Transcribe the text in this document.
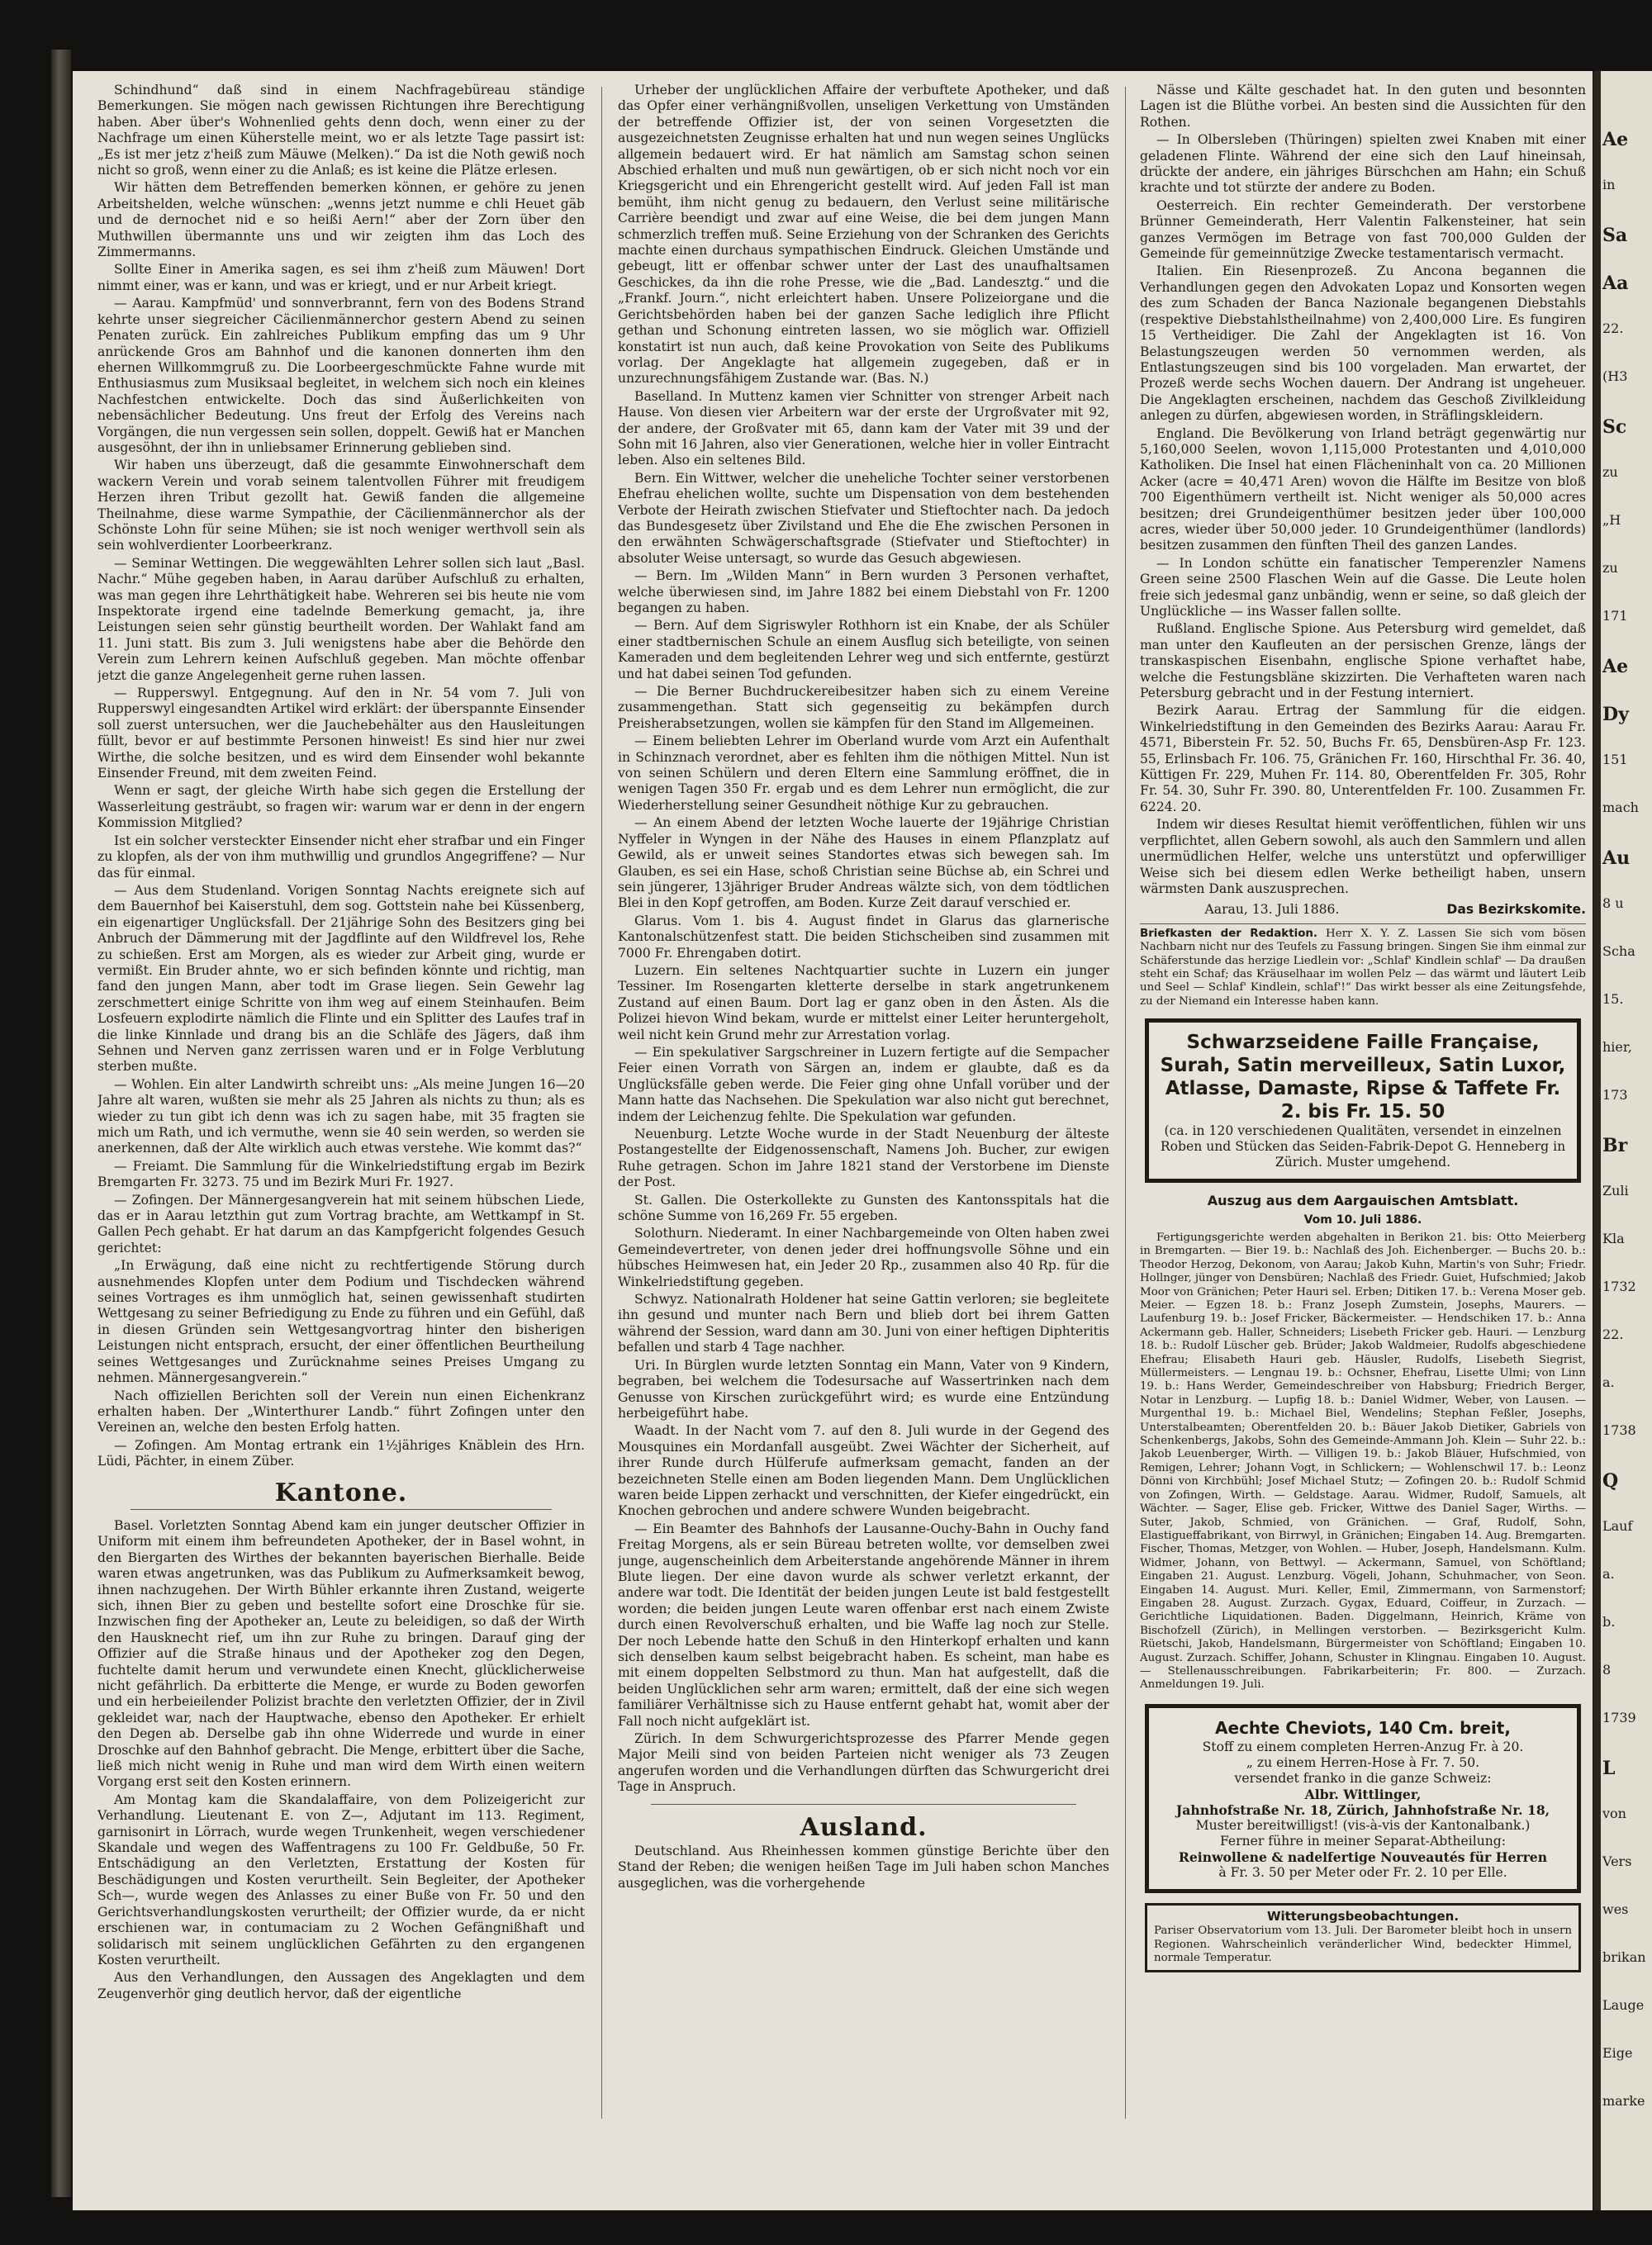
Schindhund“ daß sind in einem Nachfragebüreau ständige Bemerkungen. Sie mögen nach gewissen Richtungen ihre Berechtigung haben. Aber über's Wohnenlied gehts denn doch, wenn einer zu der Nachfrage um einen Küherstelle meint, wo er als letzte Tage passirt ist: „Es ist mer jetz z'heiß zum Mäuwe (Melken).“ Da ist die Noth gewiß noch nicht so groß, wenn einer zu die Anlaß; es ist keine die Plätze erlesen.

Wir hätten dem Betreffenden bemerken können, er gehöre zu jenen Arbeitshelden, welche wünschen: „wenns jetzt numme e chli Heuet gäb und de dernochet nid e so heißi Aern!“ aber der Zorn über den Muthwillen übermannte uns und wir zeigten ihm das Loch des Zimmermanns.

Sollte Einer in Amerika sagen, es sei ihm z'heiß zum Mäuwen! Dort nimmt einer, was er kann, und was er kriegt, und er nur Arbeit kriegt.

— Aarau. Kampfmüd' und sonnverbrannt, fern von des Bodens Strand kehrte unser siegreicher Cäcilienmännerchor gestern Abend zu seinen Penaten zurück. Ein zahlreiches Publikum empfing das um 9 Uhr anrückende Gros am Bahnhof und die kanonen donnerten ihm den ehernen Willkommgruß zu. Die Loorbeergeschmückte Fahne wurde mit Enthusiasmus zum Musiksaal begleitet, in welchem sich noch ein kleines Nachfestchen entwickelte. Doch das sind Äußerlichkeiten von nebensächlicher Bedeutung. Uns freut der Erfolg des Vereins nach Vorgängen, die nun vergessen sein sollen, doppelt. Gewiß hat er Manchen ausgesöhnt, der ihn in unliebsamer Erinnerung geblieben sind.

Wir haben uns überzeugt, daß die gesammte Einwohnerschaft dem wackern Verein und vorab seinem talentvollen Führer mit freudigem Herzen ihren Tribut gezollt hat. Gewiß fanden die allgemeine Theilnahme, diese warme Sympathie, der Cäcilienmännerchor als der Schönste Lohn für seine Mühen; sie ist noch weniger werthvoll sein als sein wohlverdienter Loorbeerkranz.

— Seminar Wettingen. Die weggewählten Lehrer sollen sich laut „Basl. Nachr.“ Mühe gegeben haben, in Aarau darüber Aufschluß zu erhalten, was man gegen ihre Lehrthätigkeit habe. Wehreren sei bis heute nie vom Inspektorate irgend eine tadelnde Bemerkung gemacht, ja, ihre Leistungen seien sehr günstig beurtheilt worden. Der Wahlakt fand am 11. Juni statt. Bis zum 3. Juli wenigstens habe aber die Behörde den Verein zum Lehrern keinen Aufschluß gegeben. Man möchte offenbar jetzt die ganze Angelegenheit gerne ruhen lassen.

— Rupperswyl. Entgegnung. Auf den in Nr. 54 vom 7. Juli von Rupperswyl eingesandten Artikel wird erklärt: der überspannte Einsender soll zuerst untersuchen, wer die Jauchebehälter aus den Hausleitungen füllt, bevor er auf bestimmte Personen hinweist! Es sind hier nur zwei Wirthe, die solche besitzen, und es wird dem Einsender wohl bekannte Einsender Freund, mit dem zweiten Feind.

Wenn er sagt, der gleiche Wirth habe sich gegen die Erstellung der Wasserleitung gesträubt, so fragen wir: warum war er denn in der engern Kommission Mitglied?

Ist ein solcher versteckter Einsender nicht eher strafbar und ein Finger zu klopfen, als der von ihm muthwillig und grundlos Angegriffene? — Nur das für einmal.

— Aus dem Studenland. Vorigen Sonntag Nachts ereignete sich auf dem Bauernhof bei Kaiserstuhl, dem sog. Gottstein nahe bei Küssenberg, ein eigenartiger Unglücksfall. Der 21jährige Sohn des Besitzers ging bei Anbruch der Dämmerung mit der Jagdflinte auf den Wildfrevel los, Rehe zu schießen. Erst am Morgen, als es wieder zur Arbeit ging, wurde er vermißt. Ein Bruder ahnte, wo er sich befinden könnte und richtig, man fand den jungen Mann, aber todt im Grase liegen. Sein Gewehr lag zerschmettert einige Schritte von ihm weg auf einem Steinhaufen. Beim Losfeuern explodirte nämlich die Flinte und ein Splitter des Laufes traf in die linke Kinnlade und drang bis an die Schläfe des Jägers, daß ihm Sehnen und Nerven ganz zerrissen waren und er in Folge Verblutung sterben mußte.

— Wohlen. Ein alter Landwirth schreibt uns: „Als meine Jungen 16—20 Jahre alt waren, wußten sie mehr als 25 Jahren als nichts zu thun; als es wieder zu tun gibt ich denn was ich zu sagen habe, mit 35 fragten sie mich um Rath, und ich vermuthe, wenn sie 40 sein werden, so werden sie anerkennen, daß der Alte wirklich auch etwas verstehe. Wie kommt das?“

— Freiamt. Die Sammlung für die Winkelriedstiftung ergab im Bezirk Bremgarten Fr. 3273. 75 und im Bezirk Muri Fr. 1927.

— Zofingen. Der Männergesangverein hat mit seinem hübschen Liede, das er in Aarau letzthin gut zum Vortrag brachte, am Wettkampf in St. Gallen Pech gehabt. Er hat darum an das Kampfgericht folgendes Gesuch gerichtet:

„In Erwägung, daß eine nicht zu rechtfertigende Störung durch ausnehmendes Klopfen unter dem Podium und Tischdecken während seines Vortrages es ihm unmöglich hat, seinen gewissenhaft studirten Wettgesang zu seiner Befriedigung zu Ende zu führen und ein Gefühl, daß in diesen Gründen sein Wettgesangvortrag hinter den bisherigen Leistungen nicht entsprach, ersucht, der einer öffentlichen Beurtheilung seines Wettgesanges und Zurücknahme seines Preises Umgang zu nehmen. Männergesangverein.“

Nach offiziellen Berichten soll der Verein nun einen Eichenkranz erhalten haben. Der „Winterthurer Landb.“ führt Zofingen unter den Vereinen an, welche den besten Erfolg hatten.

— Zofingen. Am Montag ertrank ein 1½jähriges Knäblein des Hrn. Lüdi, Pächter, in einem Züber.

Kantone.

Basel. Vorletzten Sonntag Abend kam ein junger deutscher Offizier in Uniform mit einem ihm befreundeten Apotheker, der in Basel wohnt, in den Biergarten des Wirthes der bekannten bayerischen Bierhalle. Beide waren etwas angetrunken, was das Publikum zu Aufmerksamkeit bewog, ihnen nachzugehen. Der Wirth Bühler erkannte ihren Zustand, weigerte sich, ihnen Bier zu geben und bestellte sofort eine Droschke für sie. Inzwischen fing der Apotheker an, Leute zu beleidigen, so daß der Wirth den Hausknecht rief, um ihn zur Ruhe zu bringen. Darauf ging der Offizier auf die Straße hinaus und der Apotheker zog den Degen, fuchtelte damit herum und verwundete einen Knecht, glücklicherweise nicht gefährlich. Da erbitterte die Menge, er wurde zu Boden geworfen und ein herbeieilender Polizist brachte den verletzten Offizier, der in Zivil gekleidet war, nach der Hauptwache, ebenso den Apotheker. Er erhielt den Degen ab. Derselbe gab ihn ohne Widerrede und wurde in einer Droschke auf den Bahnhof gebracht. Die Menge, erbittert über die Sache, ließ mich nicht wenig in Ruhe und man wird dem Wirth einen weitern Vorgang erst seit den Kosten erinnern.

Am Montag kam die Skandalaffaire, von dem Polizeigericht zur Verhandlung. Lieutenant E. von Z—, Adjutant im 113. Regiment, garnisonirt in Lörrach, wurde wegen Trunkenheit, wegen verschiedener Skandale und wegen des Waffentragens zu 100 Fr. Geldbuße, 50 Fr. Entschädigung an den Verletzten, Erstattung der Kosten für Beschädigungen und Kosten verurtheilt. Sein Begleiter, der Apotheker Sch—, wurde wegen des Anlasses zu einer Buße von Fr. 50 und den Gerichtsverhandlungskosten verurtheilt; der Offizier wurde, da er nicht erschienen war, in contumaciam zu 2 Wochen Gefängnißhaft und solidarisch mit seinem unglücklichen Gefährten zu den ergangenen Kosten verurtheilt.

Aus den Verhandlungen, den Aussagen des Angeklagten und dem Zeugenverhör ging deutlich hervor, daß der eigentliche

Urheber der unglücklichen Affaire der verbuftete Apotheker, und daß das Opfer einer verhängnißvollen, unseligen Verkettung von Umständen der betreffende Offizier ist, der von seinen Vorgesetzten die ausgezeichnetsten Zeugnisse erhalten hat und nun wegen seines Unglücks allgemein bedauert wird. Er hat nämlich am Samstag schon seinen Abschied erhalten und muß nun gewärtigen, ob er sich nicht noch vor ein Kriegsgericht und ein Ehrengericht gestellt wird. Auf jeden Fall ist man bemüht, ihm nicht genug zu bedauern, den Verlust seine militärische Carrière beendigt und zwar auf eine Weise, die bei dem jungen Mann schmerzlich treffen muß. Seine Erziehung von der Schranken des Gerichts machte einen durchaus sympathischen Eindruck. Gleichen Umstände und gebeugt, litt er offenbar schwer unter der Last des unaufhaltsamen Geschickes, da ihn die rohe Presse, wie die „Bad. Landesztg.“ und die „Frankf. Journ.“, nicht erleichtert haben. Unsere Polizeiorgane und die Gerichtsbehörden haben bei der ganzen Sache lediglich ihre Pflicht gethan und Schonung eintreten lassen, wo sie möglich war. Offiziell konstatirt ist nun auch, daß keine Provokation von Seite des Publikums vorlag. Der Angeklagte hat allgemein zugegeben, daß er in unzurechnungsfähigem Zustande war. (Bas. N.)

Baselland. In Muttenz kamen vier Schnitter von strenger Arbeit nach Hause. Von diesen vier Arbeitern war der erste der Urgroßvater mit 92, der andere, der Großvater mit 65, dann kam der Vater mit 39 und der Sohn mit 16 Jahren, also vier Generationen, welche hier in voller Eintracht leben. Also ein seltenes Bild.

Bern. Ein Wittwer, welcher die uneheliche Tochter seiner verstorbenen Ehefrau ehelichen wollte, suchte um Dispensation von dem bestehenden Verbote der Heirath zwischen Stiefvater und Stieftochter nach. Da jedoch das Bundesgesetz über Zivilstand und Ehe die Ehe zwischen Personen in den erwähnten Schwägerschaftsgrade (Stiefvater und Stieftochter) in absoluter Weise untersagt, so wurde das Gesuch abgewiesen.

— Bern. Im „Wilden Mann“ in Bern wurden 3 Personen verhaftet, welche überwiesen sind, im Jahre 1882 bei einem Diebstahl von Fr. 1200 begangen zu haben.

— Bern. Auf dem Sigriswyler Rothhorn ist ein Knabe, der als Schüler einer stadtbernischen Schule an einem Ausflug sich beteiligte, von seinen Kameraden und dem begleitenden Lehrer weg und sich entfernte, gestürzt und hat dabei seinen Tod gefunden.

— Die Berner Buchdruckereibesitzer haben sich zu einem Vereine zusammengethan. Statt sich gegenseitig zu bekämpfen durch Preisherabsetzungen, wollen sie kämpfen für den Stand im Allgemeinen.

— Einem beliebten Lehrer im Oberland wurde vom Arzt ein Aufenthalt in Schinznach verordnet, aber es fehlten ihm die nöthigen Mittel. Nun ist von seinen Schülern und deren Eltern eine Sammlung eröffnet, die in wenigen Tagen 350 Fr. ergab und es dem Lehrer nun ermöglicht, die zur Wiederherstellung seiner Gesundheit nöthige Kur zu gebrauchen.

— An einem Abend der letzten Woche lauerte der 19jährige Christian Nyffeler in Wyngen in der Nähe des Hauses in einem Pflanzplatz auf Gewild, als er unweit seines Standortes etwas sich bewegen sah. Im Glauben, es sei ein Hase, schoß Christian seine Büchse ab, ein Schrei und sein jüngerer, 13jähriger Bruder Andreas wälzte sich, von dem tödtlichen Blei in den Kopf getroffen, am Boden. Kurze Zeit darauf verschied er.

Glarus. Vom 1. bis 4. August findet in Glarus das glarnerische Kantonalschützenfest statt. Die beiden Stichscheiben sind zusammen mit 7000 Fr. Ehrengaben dotirt.

Luzern. Ein seltenes Nachtquartier suchte in Luzern ein junger Tessiner. Im Rosengarten kletterte derselbe in stark angetrunkenem Zustand auf einen Baum. Dort lag er ganz oben in den Ästen. Als die Polizei hievon Wind bekam, wurde er mittelst einer Leiter heruntergeholt, weil nicht kein Grund mehr zur Arrestation vorlag.

— Ein spekulativer Sargschreiner in Luzern fertigte auf die Sempacher Feier einen Vorrath von Särgen an, indem er glaubte, daß es da Unglücksfälle geben werde. Die Feier ging ohne Unfall vorüber und der Mann hatte das Nachsehen. Die Spekulation war also nicht gut berechnet, indem der Leichenzug fehlte. Die Spekulation war gefunden.

Neuenburg. Letzte Woche wurde in der Stadt Neuenburg der älteste Postangestellte der Eidgenossenschaft, Namens Joh. Bucher, zur ewigen Ruhe getragen. Schon im Jahre 1821 stand der Verstorbene im Dienste der Post.

St. Gallen. Die Osterkollekte zu Gunsten des Kantonsspitals hat die schöne Summe von 16,269 Fr. 55 ergeben.

Solothurn. Niederamt. In einer Nachbargemeinde von Olten haben zwei Gemeindevertreter, von denen jeder drei hoffnungsvolle Söhne und ein hübsches Heimwesen hat, ein Jeder 20 Rp., zusammen also 40 Rp. für die Winkelriedstiftung gegeben.

Schwyz. Nationalrath Holdener hat seine Gattin verloren; sie begleitete ihn gesund und munter nach Bern und blieb dort bei ihrem Gatten während der Session, ward dann am 30. Juni von einer heftigen Diphteritis befallen und starb 4 Tage nachher.

Uri. In Bürglen wurde letzten Sonntag ein Mann, Vater von 9 Kindern, begraben, bei welchem die Todesursache auf Wassertrinken nach dem Genusse von Kirschen zurückgeführt wird; es wurde eine Entzündung herbeigeführt habe.

Waadt. In der Nacht vom 7. auf den 8. Juli wurde in der Gegend des Mousquines ein Mordanfall ausgeübt. Zwei Wächter der Sicherheit, auf ihrer Runde durch Hülferufe aufmerksam gemacht, fanden an der bezeichneten Stelle einen am Boden liegenden Mann. Dem Unglücklichen waren beide Lippen zerhackt und verschnitten, der Kiefer eingedrückt, ein Knochen gebrochen und andere schwere Wunden beigebracht.

— Ein Beamter des Bahnhofs der Lausanne-Ouchy-Bahn in Ouchy fand Freitag Morgens, als er sein Büreau betreten wollte, vor demselben zwei junge, augenscheinlich dem Arbeiterstande angehörende Männer in ihrem Blute liegen. Der eine davon wurde als schwer verletzt erkannt, der andere war todt. Die Identität der beiden jungen Leute ist bald festgestellt worden; die beiden jungen Leute waren offenbar erst nach einem Zwiste durch einen Revolverschuß erhalten, und bie Waffe lag noch zur Stelle. Der noch Lebende hatte den Schuß in den Hinterkopf erhalten und kann sich denselben kaum selbst beigebracht haben. Es scheint, man habe es mit einem doppelten Selbstmord zu thun. Man hat aufgestellt, daß die beiden Unglücklichen sehr arm waren; ermittelt, daß der eine sich wegen familiärer Verhältnisse sich zu Hause entfernt gehabt hat, womit aber der Fall noch nicht aufgeklärt ist.

Zürich. In dem Schwurgerichtsprozesse des Pfarrer Mende gegen Major Meili sind von beiden Parteien nicht weniger als 73 Zeugen angerufen worden und die Verhandlungen dürften das Schwurgericht drei Tage in Anspruch.

Ausland.

Deutschland. Aus Rheinhessen kommen günstige Berichte über den Stand der Reben; die wenigen heißen Tage im Juli haben schon Manches ausgeglichen, was die vorhergehende

Nässe und Kälte geschadet hat. In den guten und besonnten Lagen ist die Blüthe vorbei. An besten sind die Aussichten für den Rothen.

— In Olbersleben (Thüringen) spielten zwei Knaben mit einer geladenen Flinte. Während der eine sich den Lauf hineinsah, drückte der andere, ein jähriges Bürschchen am Hahn; ein Schuß krachte und tot stürzte der andere zu Boden.

Oesterreich. Ein rechter Gemeinderath. Der verstorbene Brünner Gemeinderath, Herr Valentin Falkensteiner, hat sein ganzes Vermögen im Betrage von fast 700,000 Gulden der Gemeinde für gemeinnützige Zwecke testamentarisch vermacht.

Italien. Ein Riesenprozeß. Zu Ancona begannen die Verhandlungen gegen den Advokaten Lopaz und Konsorten wegen des zum Schaden der Banca Nazionale begangenen Diebstahls (respektive Diebstahlstheilnahme) von 2,400,000 Lire. Es fungiren 15 Vertheidiger. Die Zahl der Angeklagten ist 16. Von Belastungszeugen werden 50 vernommen werden, als Entlastungszeugen sind bis 100 vorgeladen. Man erwartet, der Prozeß werde sechs Wochen dauern. Der Andrang ist ungeheuer. Die Angeklagten erscheinen, nachdem das Geschoß Zivilkleidung anlegen zu dürfen, abgewiesen worden, in Sträflingskleidern.

England. Die Bevölkerung von Irland beträgt gegenwärtig nur 5,160,000 Seelen, wovon 1,115,000 Protestanten und 4,010,000 Katholiken. Die Insel hat einen Flächeninhalt von ca. 20 Millionen Acker (acre = 40,471 Aren) wovon die Hälfte im Besitze von bloß 700 Eigenthümern vertheilt ist. Nicht weniger als 50,000 acres besitzen; drei Grundeigenthümer besitzen jeder über 100,000 acres, wieder über 50,000 jeder. 10 Grundeigenthümer (landlords) besitzen zusammen den fünften Theil des ganzen Landes.

— In London schütte ein fanatischer Temperenzler Namens Green seine 2500 Flaschen Wein auf die Gasse. Die Leute holen freie sich jedesmal ganz unbändig, wenn er seine, so daß gleich der Unglückliche — ins Wasser fallen sollte.

Rußland. Englische Spione. Aus Petersburg wird gemeldet, daß man unter den Kaufleuten an der persischen Grenze, längs der transkaspischen Eisenbahn, englische Spione verhaftet habe, welche die Festungsbläne skizzirten. Die Verhafteten waren nach Petersburg gebracht und in der Festung interniert.

Bezirk Aarau. Ertrag der Sammlung für die eidgen. Winkelriedstiftung in den Gemeinden des Bezirks Aarau: Aarau Fr. 4571, Biberstein Fr. 52. 50, Buchs Fr. 65, Densbüren-Asp Fr. 123. 55, Erlinsbach Fr. 106. 75, Gränichen Fr. 160, Hirschthal Fr. 36. 40, Küttigen Fr. 229, Muhen Fr. 114. 80, Oberentfelden Fr. 305, Rohr Fr. 54. 30, Suhr Fr. 390. 80, Unterentfelden Fr. 100. Zusammen Fr. 6224. 20.

Indem wir dieses Resultat hiemit veröffentlichen, fühlen wir uns verpflichtet, allen Gebern sowohl, als auch den Sammlern und allen unermüdlichen Helfer, welche uns unterstützt und opferwilliger Weise sich bei diesem edlen Werke betheiligt haben, unsern wärmsten Dank auszusprechen.

Aarau, 13. Juli 1886.	Das Bezirkskomite.

Briefkasten der Redaktion. Herr X. Y. Z. Lassen Sie sich vom bösen Nachbarn nicht nur des Teufels zu Fassung bringen. Singen Sie ihm einmal zur Schäferstunde das herzige Liedlein vor: „Schlaf' Kindlein schlaf' — Da draußen steht ein Schaf; das Kräuselhaar im wollen Pelz — das wärmt und läutert Leib und Seel — Schlaf' Kindlein, schlaf'!“ Das wirkt besser als eine Zeitungsfehde, zu der Niemand ein Interesse haben kann.

Schwarzseidene Faille Française, Surah, Satin merveilleux, Satin Luxor, Atlasse, Damaste, Ripse & Taffete Fr. 2. bis Fr. 15. 50
(ca. in 120 verschiedenen Qualitäten, versendet in einzelnen Roben und Stücken das Seiden-Fabrik-Depot G. Henneberg in Zürich. Muster umgehend.
Auszug aus dem Aargauischen Amtsblatt.
Vom 10. Juli 1886.

Fertigungsgerichte werden abgehalten in Berikon 21. bis: Otto Meierberg in Bremgarten. — Bier 19. b.: Nachlaß des Joh. Eichenberger. — Buchs 20. b.: Theodor Herzog, Dekonom, von Aarau; Jakob Kuhn, Martin's von Suhr; Friedr. Hollnger, jünger von Densbüren; Nachlaß des Friedr. Guiet, Hufschmied; Jakob Moor von Gränichen; Peter Hauri sel. Erben; Ditiken 17. b.: Verena Moser geb. Meier. — Egzen 18. b.: Franz Joseph Zumstein, Josephs, Maurers. — Laufenburg 19. b.: Josef Fricker, Bäckermeister. — Hendschiken 17. b.: Anna Ackermann geb. Haller, Schneiders; Lisebeth Fricker geb. Hauri. — Lenzburg 18. b.: Rudolf Lüscher geb. Brüder; Jakob Waldmeier, Rudolfs abgeschiedene Ehefrau; Elisabeth Hauri geb. Häusler, Rudolfs, Lisebeth Siegrist, Müllermeisters. — Lengnau 19. b.: Ochsner, Ehefrau, Lisette Ulmi; von Linn 19. b.: Hans Werder, Gemeindeschreiber von Habsburg; Friedrich Berger, Notar in Lenzburg. — Lupfig 18. b.: Daniel Widmer, Weber, von Lausen. — Murgenthal 19. b.: Michael Biel, Wendelins; Stephan Feßler, Josephs, Unterstalbeamten; Oberentfelden 20. b.: Bäuer Jakob Dietiker, Gabriels von Schenkenbergs, Jakobs, Sohn des Gemeinde-Ammann Joh. Klein — Suhr 22. b.: Jakob Leuenberger, Wirth. — Villigen 19. b.: Jakob Bläuer, Hufschmied, von Remigen, Lehrer; Johann Vogt, in Schlickern; — Wohlenschwil 17. b.: Leonz Dönni von Kirchbühl; Josef Michael Stutz; — Zofingen 20. b.: Rudolf Schmid von Zofingen, Wirth. — Geldstage. Aarau. Widmer, Rudolf, Samuels, alt Wächter. — Sager, Elise geb. Fricker, Wittwe des Daniel Sager, Wirths. — Suter, Jakob, Schmied, von Gränichen. — Graf, Rudolf, Sohn, Elastigueffabrikant, von Birrwyl, in Gränichen; Eingaben 14. Aug. Bremgarten. Fischer, Thomas, Metzger, von Wohlen. — Huber, Joseph, Handelsmann. Kulm. Widmer, Johann, von Bettwyl. — Ackermann, Samuel, von Schöftland; Eingaben 21. August. Lenzburg. Vögeli, Johann, Schuhmacher, von Seon. Eingaben 14. August. Muri. Keller, Emil, Zimmermann, von Sarmenstorf; Eingaben 28. August. Zurzach. Gygax, Eduard, Coiffeur, in Zurzach. — Gerichtliche Liquidationen. Baden. Diggelmann, Heinrich, Kräme von Bischofzell (Zürich), in Mellingen verstorben. — Bezirksgericht Kulm. Rüetschi, Jakob, Handelsmann, Bürgermeister von Schöftland; Eingaben 10. August. Zurzach. Schiffer, Johann, Schuster in Klingnau. Eingaben 10. August. — Stellenausschreibungen. Fabrikarbeiterin; Fr. 800. — Zurzach. Anmeldungen 19. Juli.

Aechte Cheviots, 140 Cm. breit,
Stoff zu einem completen Herren-Anzug Fr. à 20.
„ zu einem Herren-Hose à Fr. 7. 50.
versendet franko in die ganze Schweiz:
Albr. Wittlinger,
Jahnhofstraße Nr. 18, Zürich, Jahnhofstraße Nr. 18,
Muster bereitwilligst! (vis-à-vis der Kantonalbank.)
Ferner führe in meiner Separat-Abtheilung:
Reinwollene & nadelfertige Nouveautés für Herren
à Fr. 3. 50 per Meter oder Fr. 2. 10 per Elle.
Witterungsbeobachtungen.

Pariser Observatorium vom 13. Juli. Der Barometer bleibt hoch in unsern Regionen. Wahrscheinlich veränderlicher Wind, bedeckter Himmel, normale Temperatur.

Ae
in
Sa
Aa
22.
(H3
Sc
zu
„H
zu
171
Ae
Dy
151
mach
Au
8 u
Scha
15.
hier,
173
Br
Zuli
Kla
1732
22.
a.
1738
Q
Lauf
a.
b.
8
1739
L
von
Vers
wes
brikan
Lauge
Eige
marke
